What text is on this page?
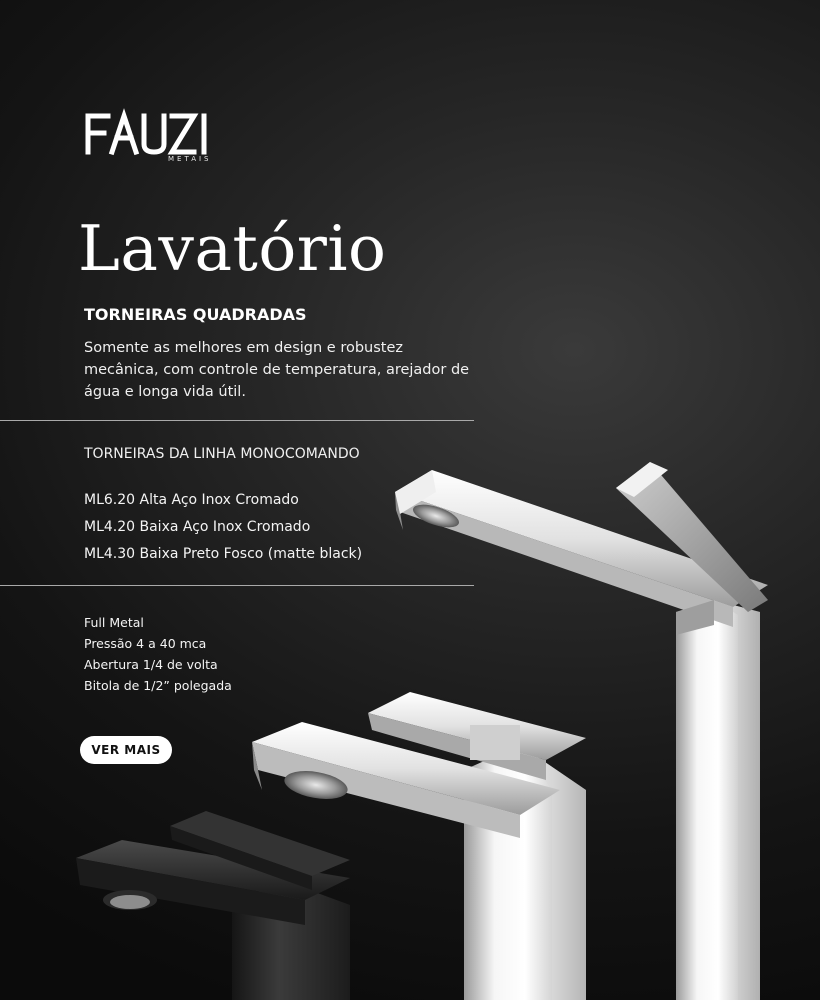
METAIS
Lavatório
TORNEIRAS QUADRADAS

Somente as melhores em design e robustez mecânica, com controle de temperatura, arejador de água e longa vida útil.

TORNEIRAS DA LINHA MONOCOMANDO
ML6.20 Alta Aço Inox Cromado
ML4.20 Baixa Aço Inox Cromado
ML4.30 Baixa Preto Fosco (matte black)
Full Metal
Pressão 4 a 40 mca
Abertura 1/4 de volta
Bitola de 1/2” polegada
VER MAIS
